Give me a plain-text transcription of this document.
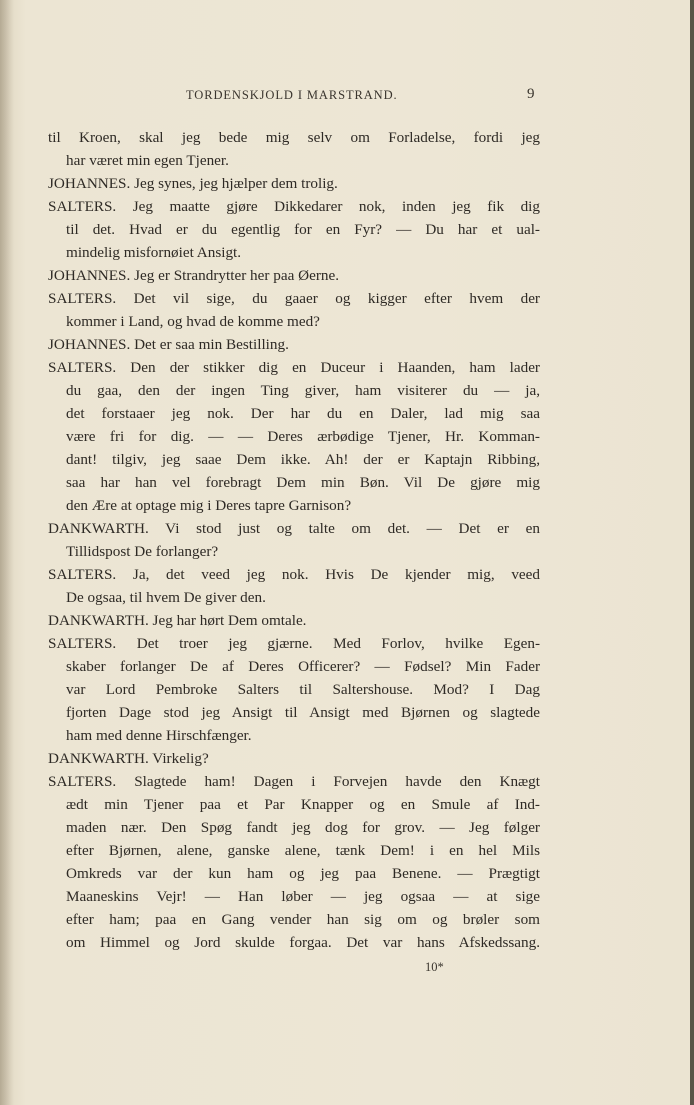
TORDENSKJOLD I MARSTRAND.	9
til Kroen, skal jeg bede mig selv om Forladelse, fordi jeg
har været min egen Tjener.
JOHANNES. Jeg synes, jeg hjælper dem trolig.
SALTERS. Jeg maatte gjøre Dikkedarer nok, inden jeg fik dig
til det. Hvad er du egentlig for en Fyr? — Du har et ual-
mindelig misfornøiet Ansigt.
JOHANNES. Jeg er Strandrytter her paa Øerne.
SALTERS. Det vil sige, du gaaer og kigger efter hvem der
kommer i Land, og hvad de komme med?
JOHANNES. Det er saa min Bestilling.
SALTERS. Den der stikker dig en Duceur i Haanden, ham lader
du gaa, den der ingen Ting giver, ham visiterer du — ja,
det forstaaer jeg nok. Der har du en Daler, lad mig saa
være fri for dig. — — Deres ærbødige Tjener, Hr. Komman-
dant! tilgiv, jeg saae Dem ikke. Ah! der er Kaptajn Ribbing,
saa har han vel forebragt Dem min Bøn. Vil De gjøre mig
den Ære at optage mig i Deres tapre Garnison?
DANKWARTH. Vi stod just og talte om det. — Det er en
Tillidspost De forlanger?
SALTERS. Ja, det veed jeg nok. Hvis De kjender mig, veed
De ogsaa, til hvem De giver den.
DANKWARTH. Jeg har hørt Dem omtale.
SALTERS. Det troer jeg gjærne. Med Forlov, hvilke Egen-
skaber forlanger De af Deres Officerer? — Fødsel? Min Fader
var Lord Pembroke Salters til Saltershouse. Mod? I Dag
fjorten Dage stod jeg Ansigt til Ansigt med Bjørnen og slagtede
ham med denne Hirschfænger.
DANKWARTH. Virkelig?
SALTERS. Slagtede ham! Dagen i Forvejen havde den Knægt
ædt min Tjener paa et Par Knapper og en Smule af Ind-
maden nær. Den Spøg fandt jeg dog for grov. — Jeg følger
efter Bjørnen, alene, ganske alene, tænk Dem! i en hel Mils
Omkreds var der kun ham og jeg paa Benene. — Prægtigt
Maaneskins Vejr! — Han løber — jeg ogsaa — at sige
efter ham; paa en Gang vender han sig om og brøler som
om Himmel og Jord skulde forgaa. Det var hans Afskedssang.
10*
